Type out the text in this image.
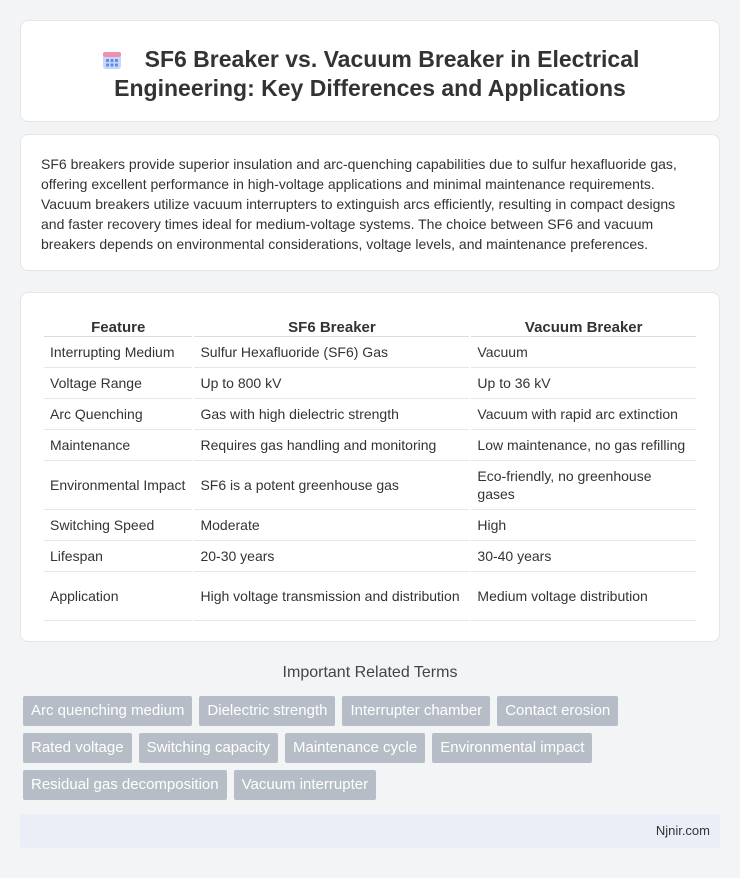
SF6 Breaker vs. Vacuum Breaker in Electrical Engineering: Key Differences and Applications

SF6 breakers provide superior insulation and arc-quenching capabilities due to sulfur hexafluoride gas, offering excellent performance in high-voltage applications and minimal maintenance requirements. Vacuum breakers utilize vacuum interrupters to extinguish arcs efficiently, resulting in compact designs and faster recovery times ideal for medium-voltage systems. The choice between SF6 and vacuum breakers depends on environmental considerations, voltage levels, and maintenance preferences.

Feature	SF6 Breaker	Vacuum Breaker
Interrupting Medium	Sulfur Hexafluoride (SF6) Gas	Vacuum
Voltage Range	Up to 800 kV	Up to 36 kV
Arc Quenching	Gas with high dielectric strength	Vacuum with rapid arc extinction
Maintenance	Requires gas handling and monitoring	Low maintenance, no gas refilling
Environmental Impact	SF6 is a potent greenhouse gas	Eco-friendly, no greenhouse gases
Switching Speed	Moderate	High
Lifespan	20-30 years	30-40 years
Application	High voltage transmission and distribution	Medium voltage distribution
Important Related Terms
Arc quenching medium	Dielectric strength	Interrupter chamber	Contact erosion
Rated voltage	Switching capacity	Maintenance cycle	Environmental impact
Residual gas decomposition	Vacuum interrupter
Njnir.com
